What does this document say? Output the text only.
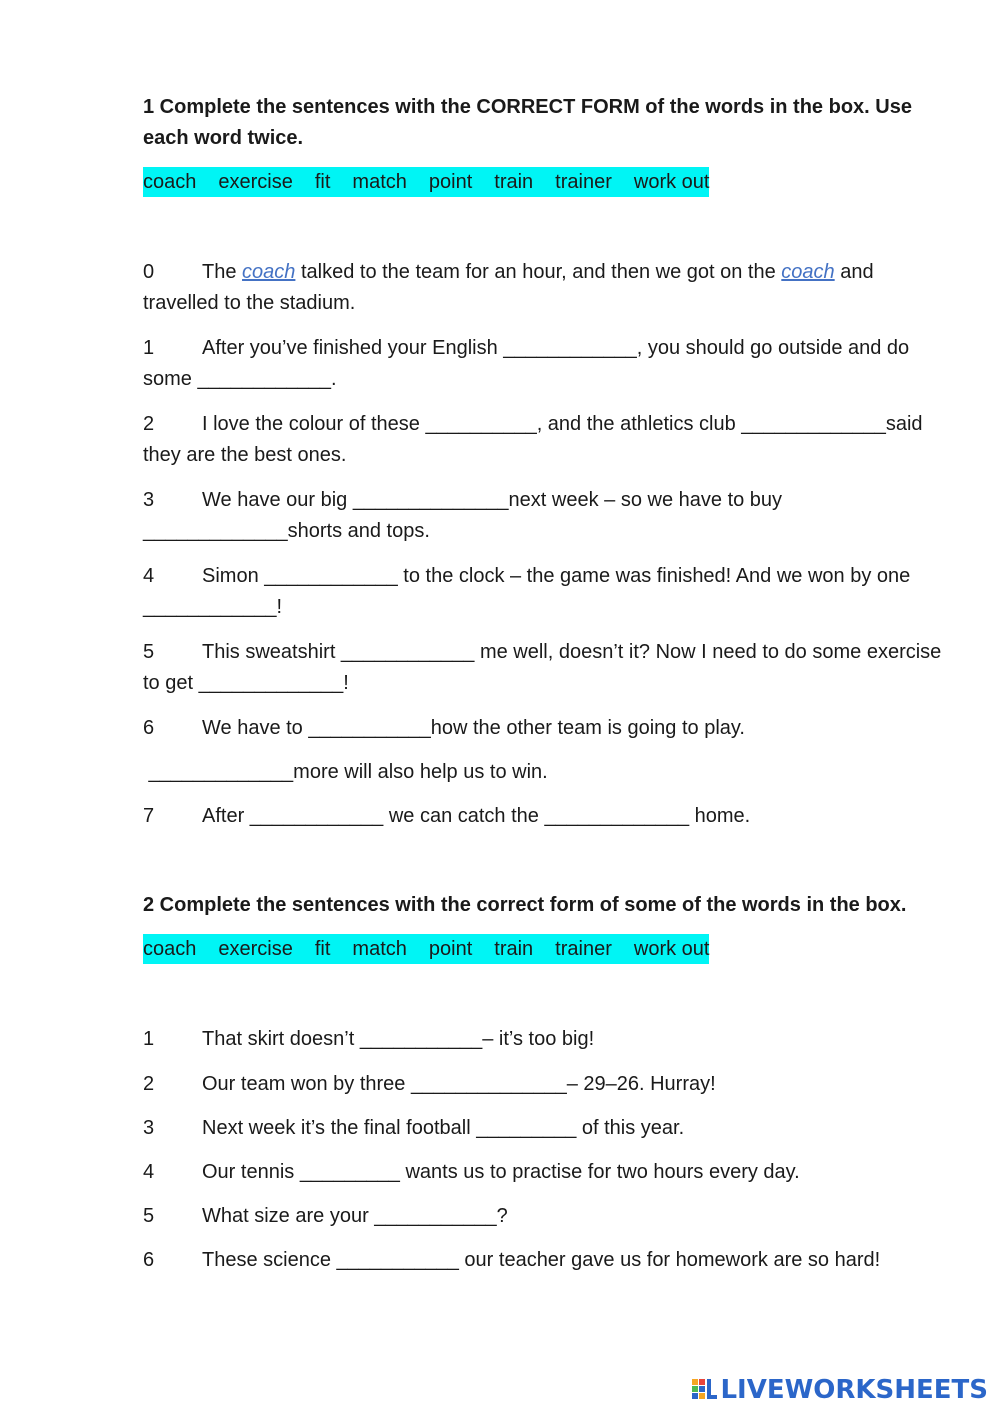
1 Complete the sentences with the CORRECT FORM of the words in the box. Use each word twice.
coach exercise fit match point train trainer work out
0 The coach talked to the team for an hour, and then we got on the coach and travelled to the stadium.
1 After you’ve finished your English ____________, you should go outside and do some ____________.
2 I love the colour of these __________, and the athletics club _____________said they are the best ones.
3 We have our big ______________next week – so we have to buy _____________shorts and tops.
4 Simon ____________ to the clock – the game was finished! And we won by one ____________!
5 This sweatshirt ____________ me well, doesn’t it? Now I need to do some exercise to get _____________!
6 We have to ___________how the other team is going to play.
_____________more will also help us to win.
7 After ____________ we can catch the _____________ home.
2 Complete the sentences with the correct form of some of the words in the box.
coach exercise fit match point train trainer work out
1 That skirt doesn’t ___________– it’s too big!
2 Our team won by three ______________– 29–26. Hurray!
3 Next week it’s the final football _________ of this year.
4 Our tennis _________ wants us to practise for two hours every day.
5 What size are your ___________?
6 These science ___________ our teacher gave us for homework are so hard!
LIVEWORKSHEETS
